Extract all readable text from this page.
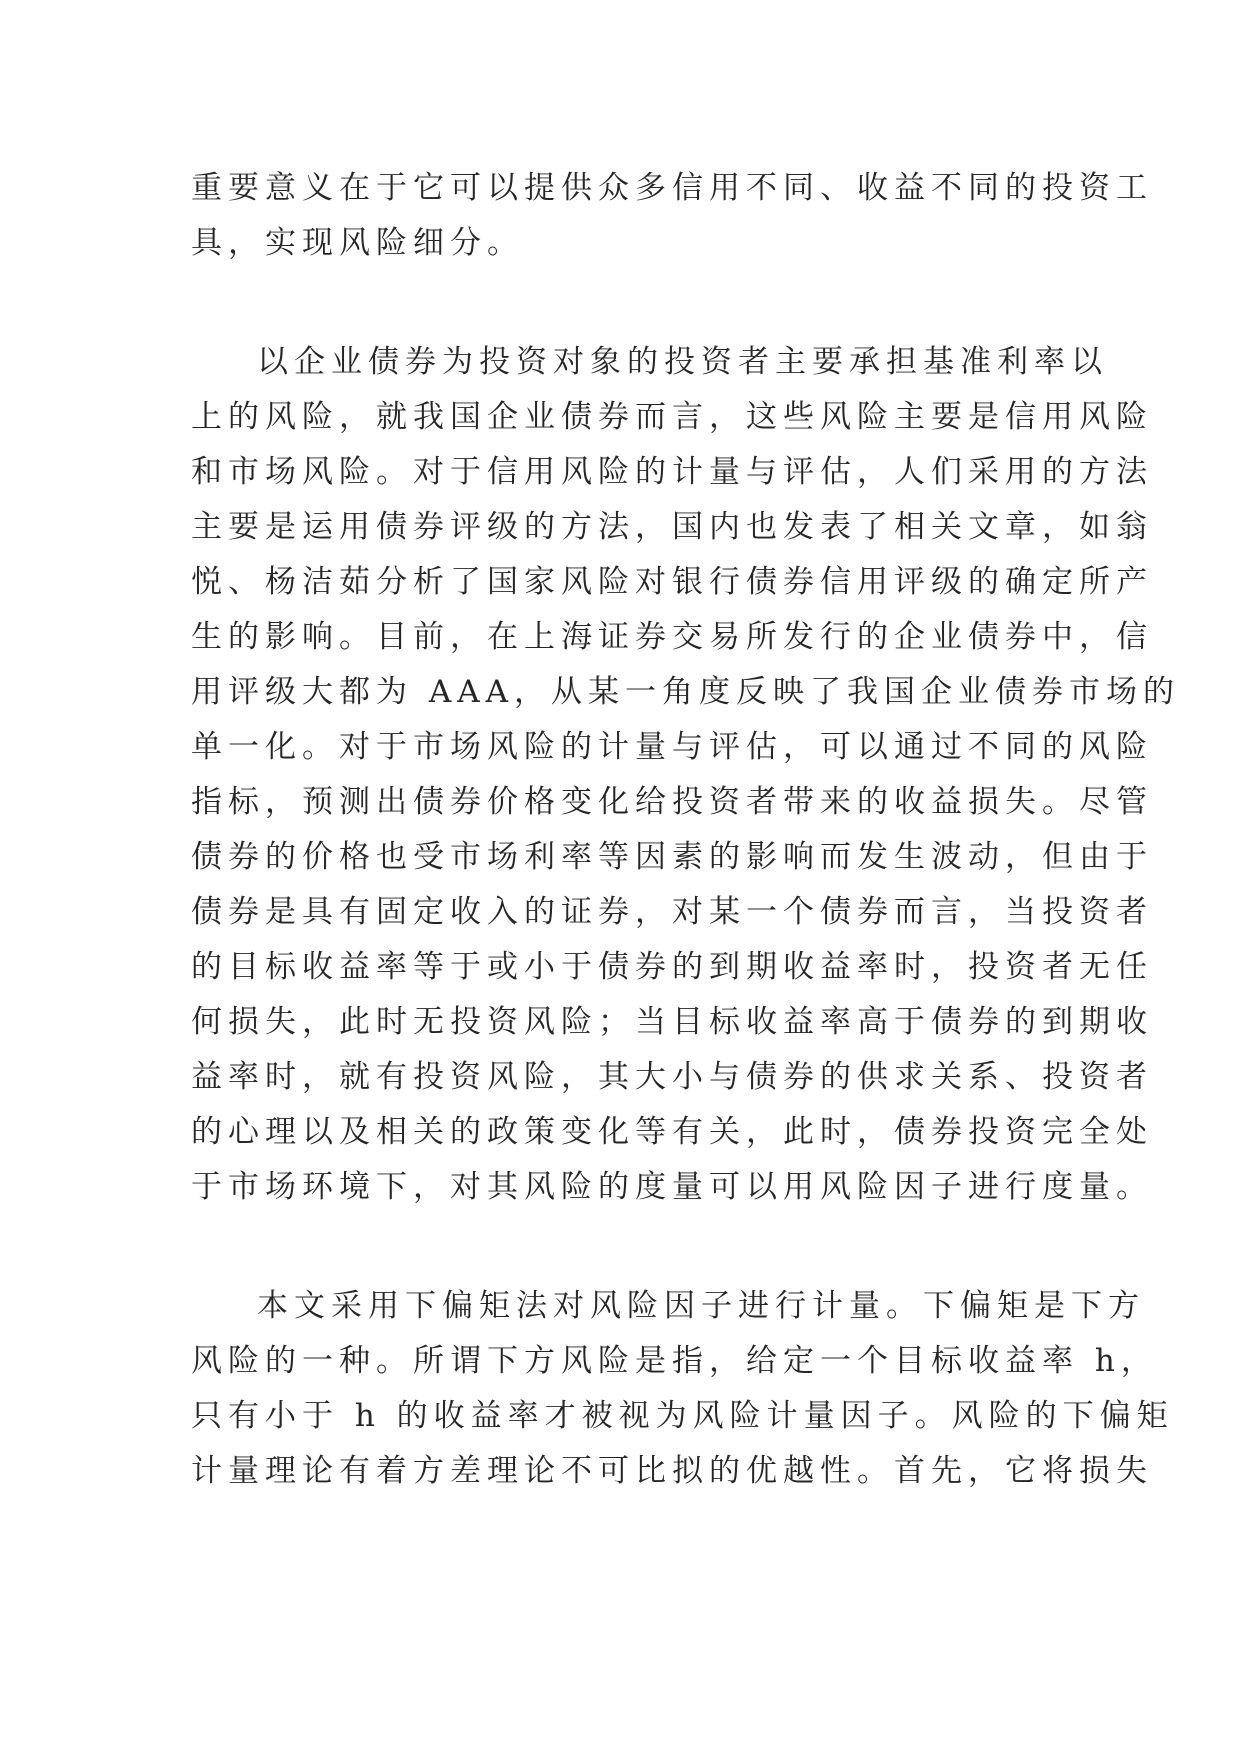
重要意义在于它可以提供众多信用不同、收益不同的投资工
具，实现风险细分。
以企业债券为投资对象的投资者主要承担基准利率以
上的风险，就我国企业债券而言，这些风险主要是信用风险
和市场风险。对于信用风险的计量与评估，人们采用的方法
主要是运用债券评级的方法，国内也发表了相关文章，如翁
悦、杨洁茹分析了国家风险对银行债券信用评级的确定所产
生的影响。目前，在上海证券交易所发行的企业债券中，信
用评级大都为 AAA，从某一角度反映了我国企业债券市场的
单一化。对于市场风险的计量与评估，可以通过不同的风险
指标，预测出债券价格变化给投资者带来的收益损失。尽管
债券的价格也受市场利率等因素的影响而发生波动，但由于
债券是具有固定收入的证券，对某一个债券而言，当投资者
的目标收益率等于或小于债券的到期收益率时，投资者无任
何损失，此时无投资风险；当目标收益率高于债券的到期收
益率时，就有投资风险，其大小与债券的供求关系、投资者
的心理以及相关的政策变化等有关，此时，债券投资完全处
于市场环境下，对其风险的度量可以用风险因子进行度量。
本文采用下偏矩法对风险因子进行计量。下偏矩是下方
风险的一种。所谓下方风险是指，给定一个目标收益率 h，
只有小于 h 的收益率才被视为风险计量因子。风险的下偏矩
计量理论有着方差理论不可比拟的优越性。首先，它将损失
